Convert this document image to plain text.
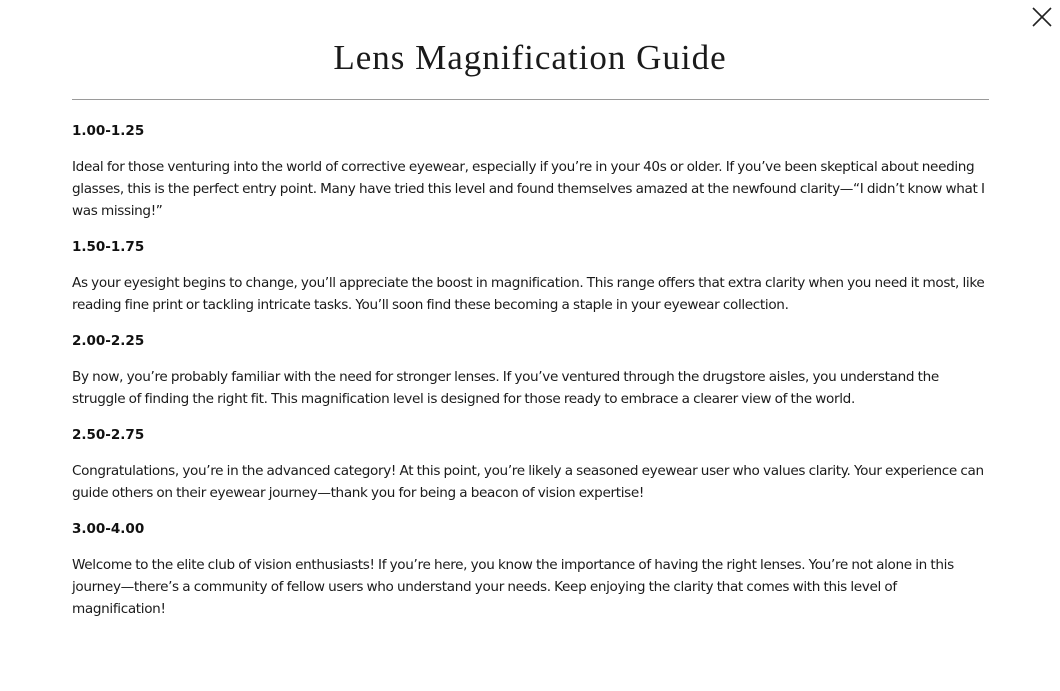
Lens Magnification Guide

1.00-1.25

Ideal for those venturing into the world of corrective eyewear, especially if you’re in your 40s or older. If you’ve been skeptical about needing glasses, this is the perfect entry point. Many have tried this level and found themselves amazed at the newfound clarity—“I didn’t know what I was missing!”

1.50-1.75

As your eyesight begins to change, you’ll appreciate the boost in magnification. This range offers that extra clarity when you need it most, like reading fine print or tackling intricate tasks. You’ll soon find these becoming a staple in your eyewear collection.

2.00-2.25

By now, you’re probably familiar with the need for stronger lenses. If you’ve ventured through the drugstore aisles, you understand the struggle of finding the right fit. This magnification level is designed for those ready to embrace a clearer view of the world.

2.50-2.75

Congratulations, you’re in the advanced category! At this point, you’re likely a seasoned eyewear user who values clarity. Your experience can guide others on their eyewear journey—thank you for being a beacon of vision expertise!

3.00-4.00

Welcome to the elite club of vision enthusiasts! If you’re here, you know the importance of having the right lenses. You’re not alone in this journey—there’s a community of fellow users who understand your needs. Keep enjoying the clarity that comes with this level of magnification!
